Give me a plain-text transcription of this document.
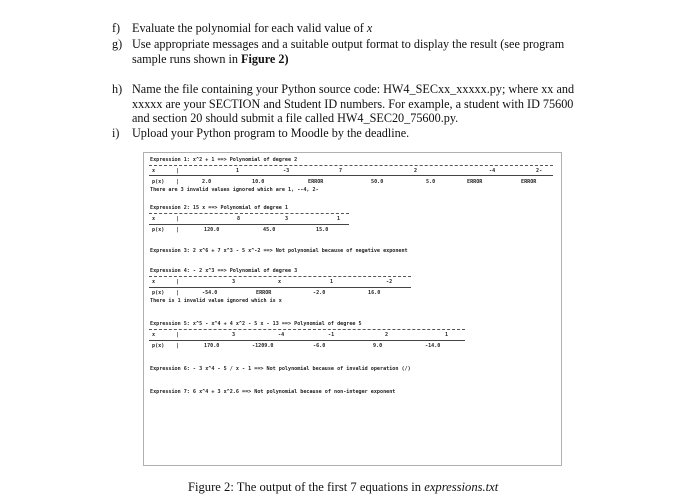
f) Evaluate the polynomial for each valid value of x
g) Use appropriate messages and a suitable output format to display the result (see program
sample runs shown in Figure 2)
h) Name the file containing your Python source code: HW4_SECxx_xxxxx.py; where xx and
xxxxx are your SECTION and Student ID numbers. For example, a student with ID 75600
and section 20 should submit a file called HW4_SEC20_75600.py.
i) Upload your Python program to Moodle by the deadline.
Expression 1: x^2 + 1 ==> Polynomial of degree 2
x	|	1	-3	7	2	-4	2-
p(x) |	2.0	10.0	ERROR	50.0	5.0	ERROR	ERROR
There are 3 invalid values ignored which are 1, --4, 2-
Expression 2: 15 x ==> Polynomial of degree 1
x	|	8	3	1
p(x) |	120.0	45.0	15.0
Expression 3: 2 x^6 + 7 x^3 - 5 x^-2 ==> Not polynomial because of negative exponent
Expression 4: - 2 x^3 ==> Polynomial of degree 3
x	|	3	x	1	-2
p(x) |	-54.0	ERROR	-2.0	16.0
There is 1 invalid value ignored which is x
Expression 5: x^5 - x^4 + 4 x^2 - 5 x - 13 ==> Polynomial of degree 5
x	|	3	-4	-1	2	1
p(x) |	170.0	-1209.0	-6.0	9.0	-14.0
Expression 6: - 3 x^4 - 5 / x - 1 ==> Not polynomial because of invalid operation (/)
Expression 7: 6 x^4 + 3 x^2.6 ==> Not polynomial because of non-integer exponent
Figure 2: The output of the first 7 equations in expressions.txt
